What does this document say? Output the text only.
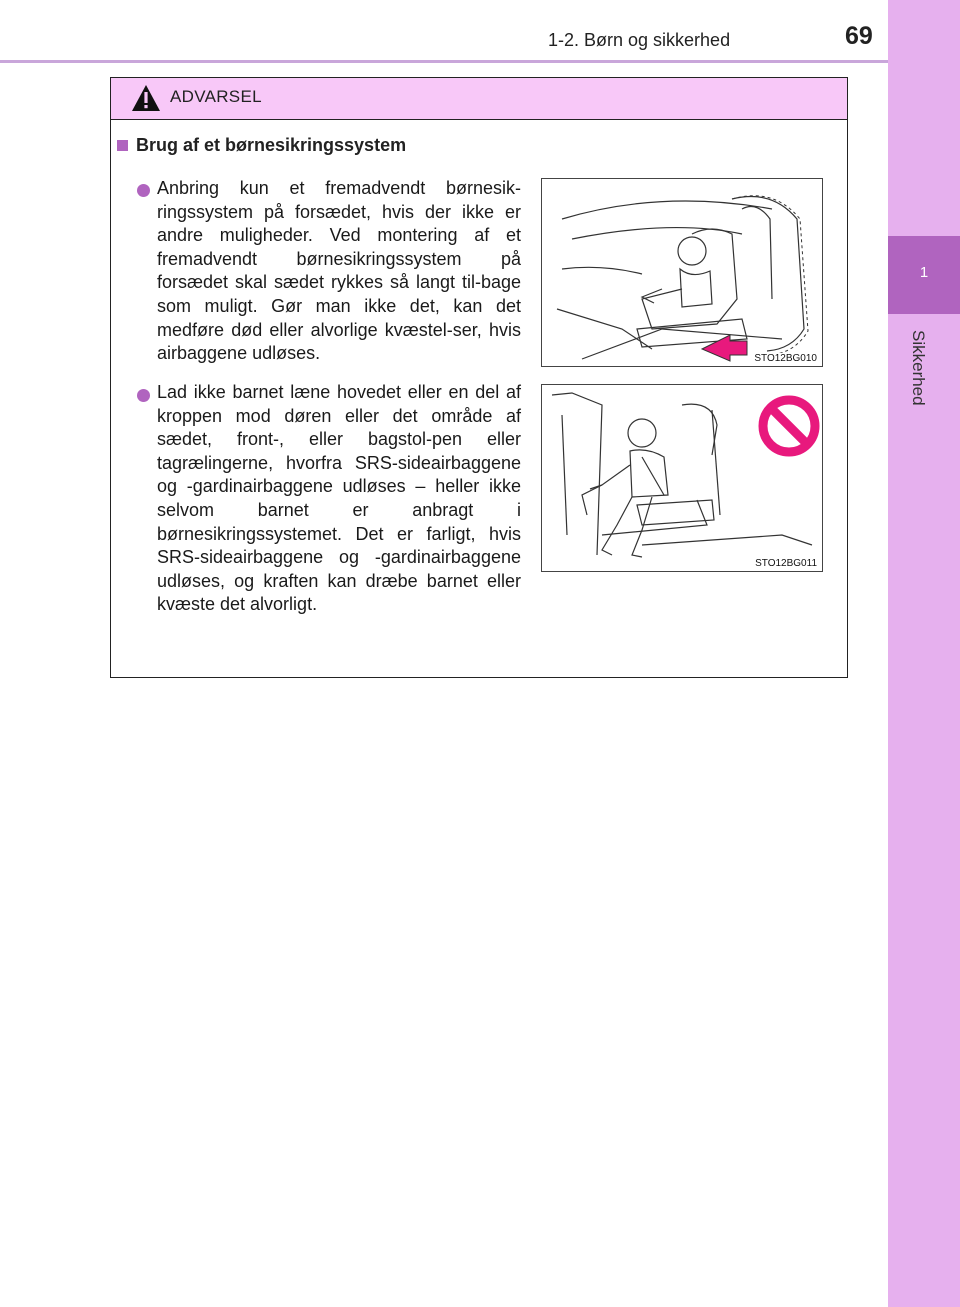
1-2. Børn og sikkerhed	69
1
Sikkerhed
ADVARSEL
Brug af et børnesikringssystem
Anbring kun et fremadvendt børnesik-ringssystem på forsædet, hvis der ikke er andre muligheder. Ved montering af et fremadvendt børnesikringssystem på forsædet skal sædet rykkes så langt til-bage som muligt. Gør man ikke det, kan det medføre død eller alvorlige kvæstel-ser, hvis airbaggene udløses.	STO12BG010
Lad ikke barnet læne hovedet eller en del af kroppen mod døren eller det område af sædet, front-, eller bagstol-pen eller tagrælingerne, hvorfra SRS-sideairbaggene og -gardinairbaggene udløses – heller ikke selvom barnet er anbragt i børnesikringssystemet. Det er farligt, hvis SRS-sideairbaggene og -gardinairbaggene udløses, og kraften kan dræbe barnet eller kvæste det alvorligt.
STO12BG011
